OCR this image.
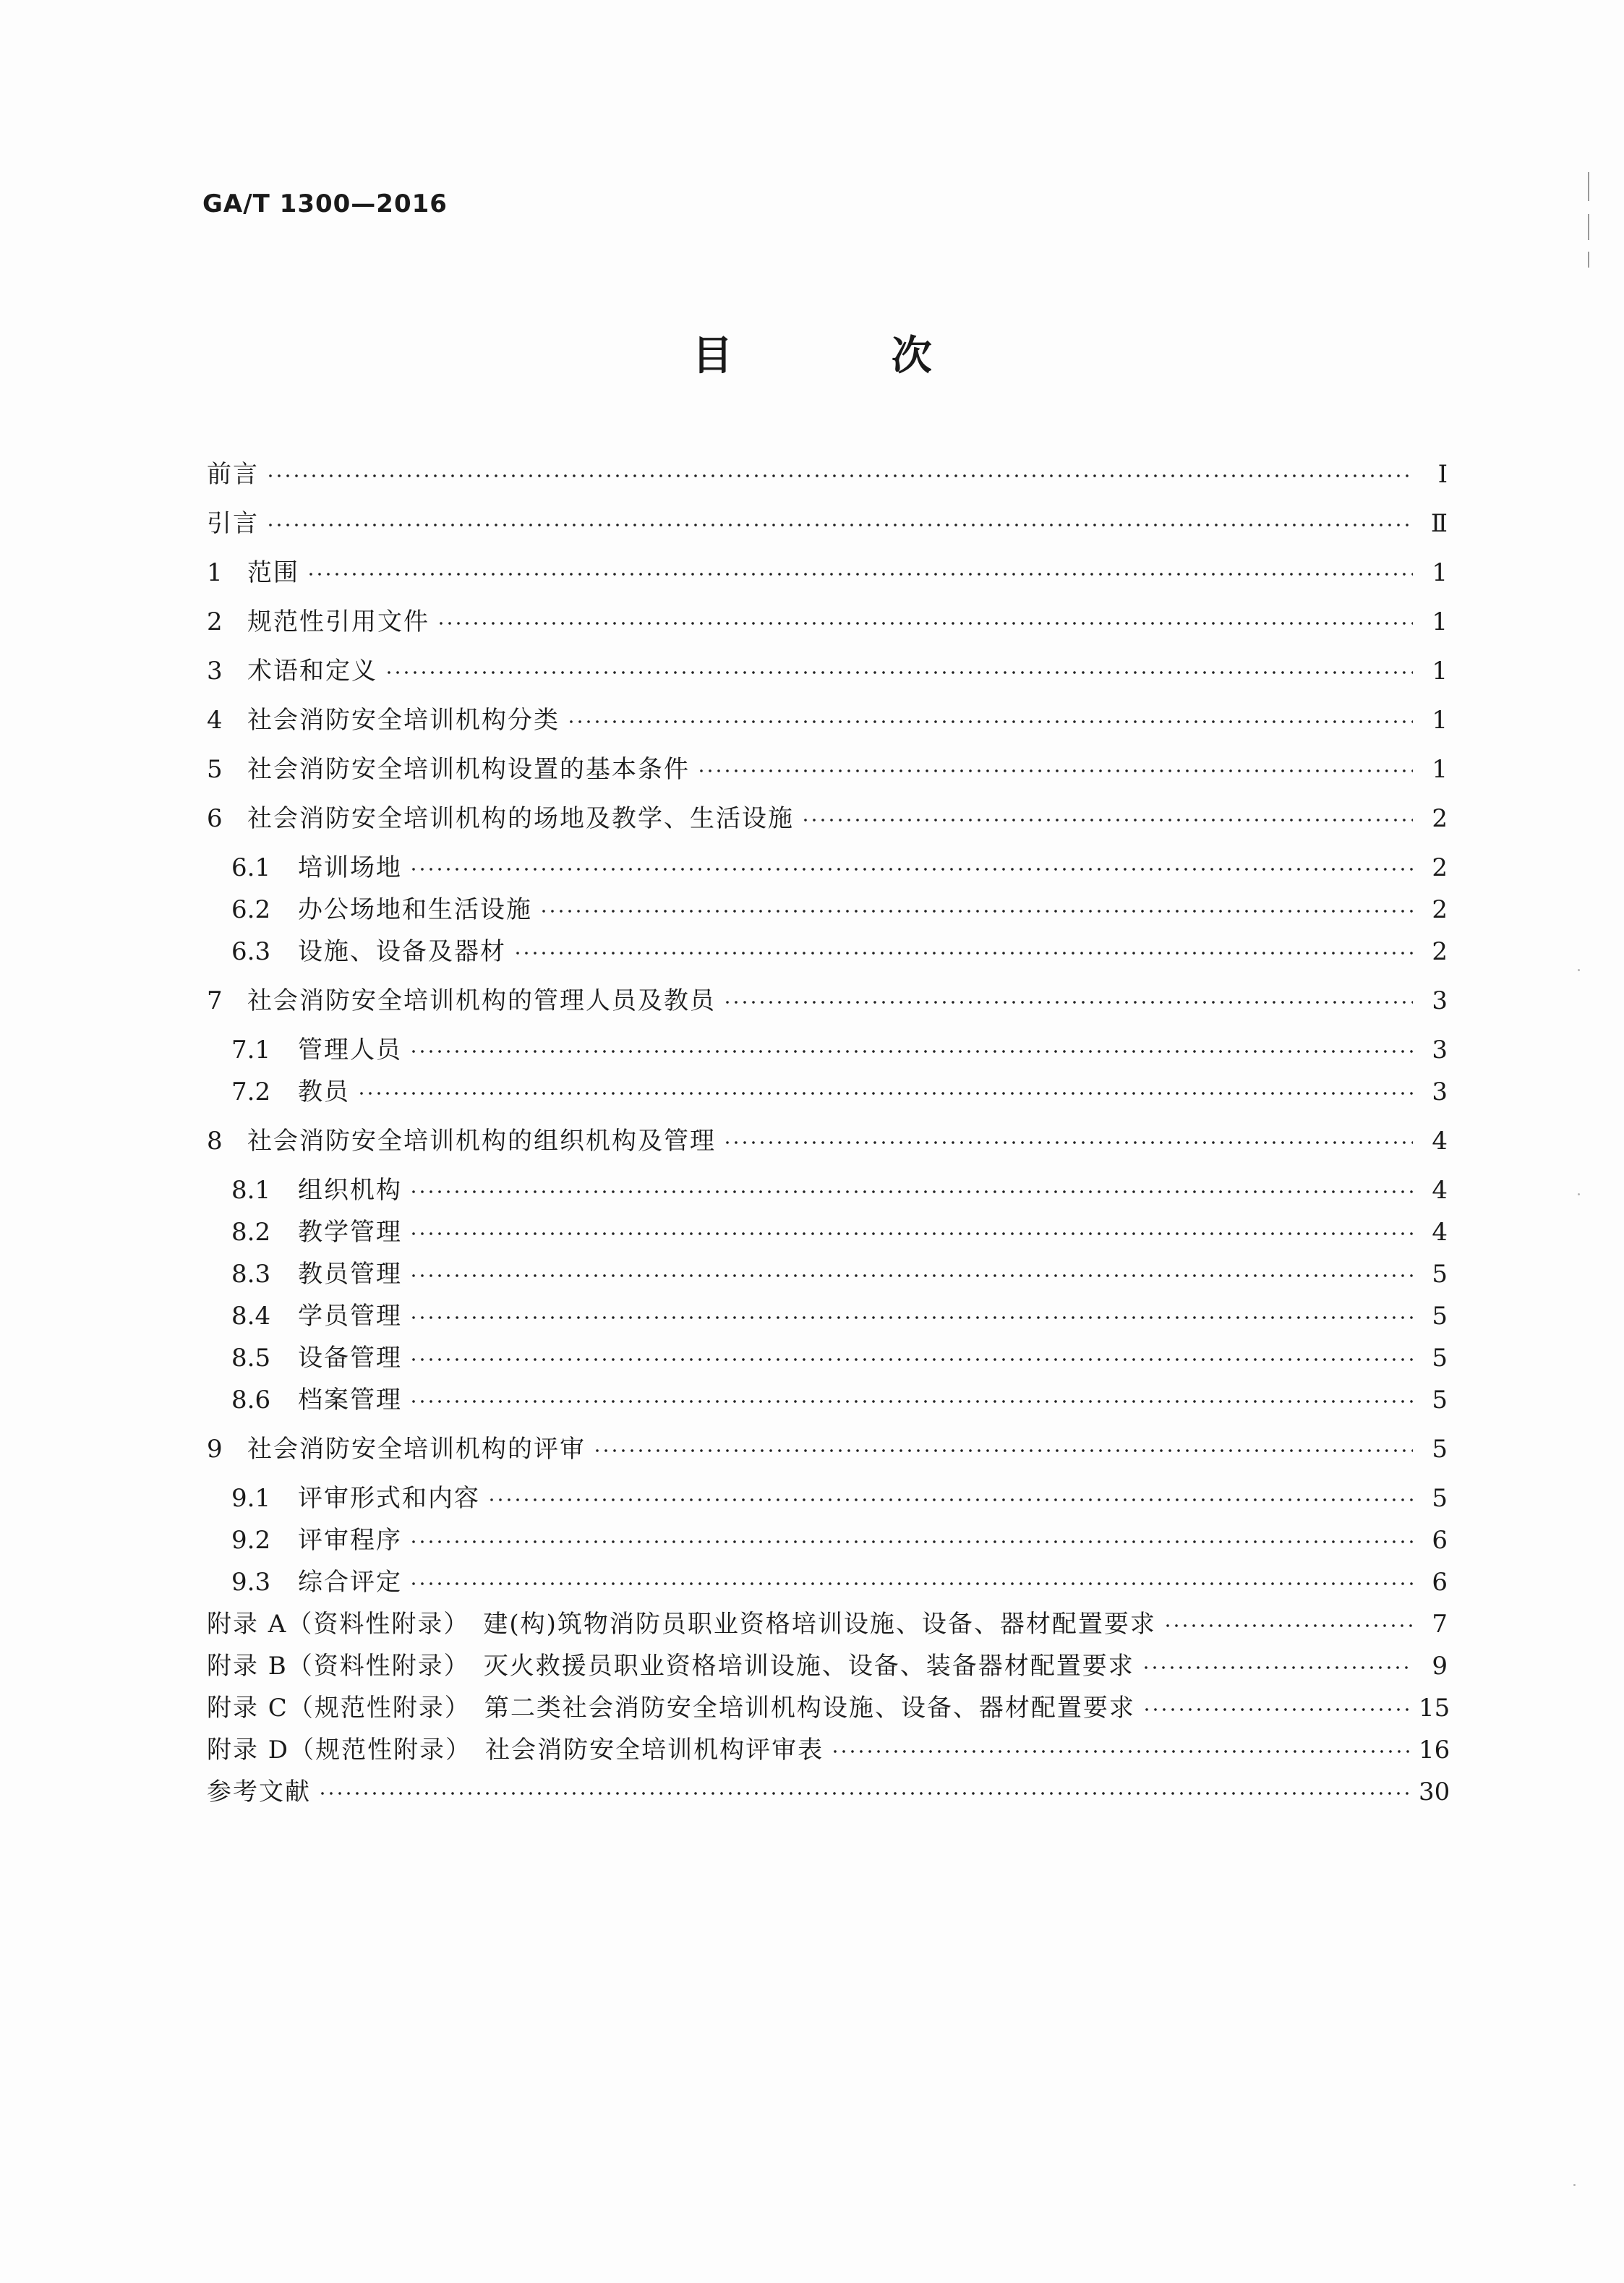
GA/T 1300—2016
目 次
前言	Ⅰ
引言	Ⅱ
1	范围	1
2	规范性引用文件	1
3	术语和定义	1
4	社会消防安全培训机构分类	1
5	社会消防安全培训机构设置的基本条件	1
6	社会消防安全培训机构的场地及教学、生活设施	2
6.1	培训场地	2
6.2	办公场地和生活设施	2
6.3	设施、设备及器材	2
7	社会消防安全培训机构的管理人员及教员	3
7.1	管理人员	3
7.2	教员	3
8	社会消防安全培训机构的组织机构及管理	4
8.1	组织机构	4
8.2	教学管理	4
8.3	教员管理	5
8.4	学员管理	5
8.5	设备管理	5
8.6	档案管理	5
9	社会消防安全培训机构的评审	5
9.1	评审形式和内容	5
9.2	评审程序	6
9.3	综合评定	6
附录 A（资料性附录）　建(构)筑物消防员职业资格培训设施、设备、器材配置要求	7
附录 B（资料性附录）　灭火救援员职业资格培训设施、设备、装备器材配置要求	9
附录 C（规范性附录）　第二类社会消防安全培训机构设施、设备、器材配置要求	15
附录 D（规范性附录）　社会消防安全培训机构评审表	16
参考文献	30
